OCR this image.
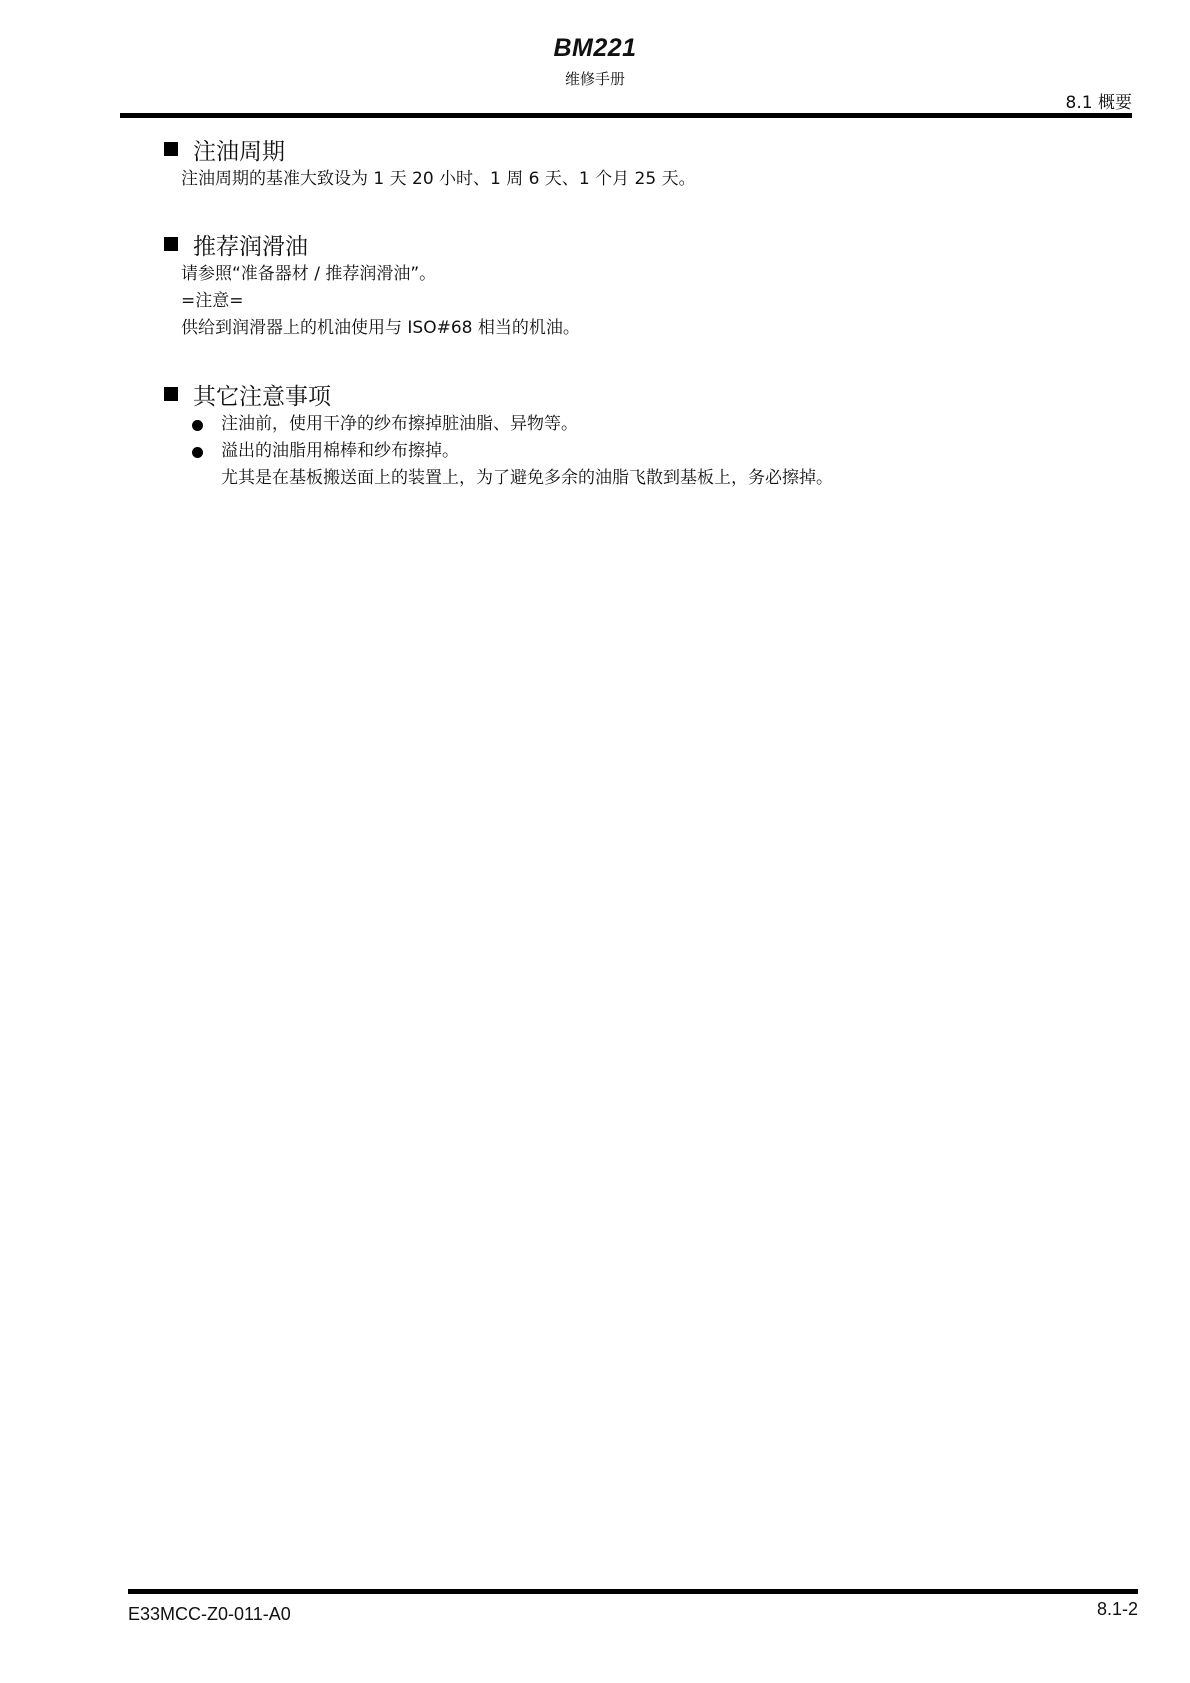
BM221
维修手册
8.1 概要
注油周期
注油周期的基准大致设为 1 天 20 小时、1 周 6 天、1 个月 25 天。
推荐润滑油
请参照“准备器材 / 推荐润滑油”。
=注意=
供给到润滑器上的机油使用与 ISO#68 相当的机油。
其它注意事项
注油前，使用干净的纱布擦掉脏油脂、异物等。
溢出的油脂用棉棒和纱布擦掉。
尤其是在基板搬送面上的装置上，为了避免多余的油脂飞散到基板上，务必擦掉。
E33MCC-Z0-011-A0	8.1-2
